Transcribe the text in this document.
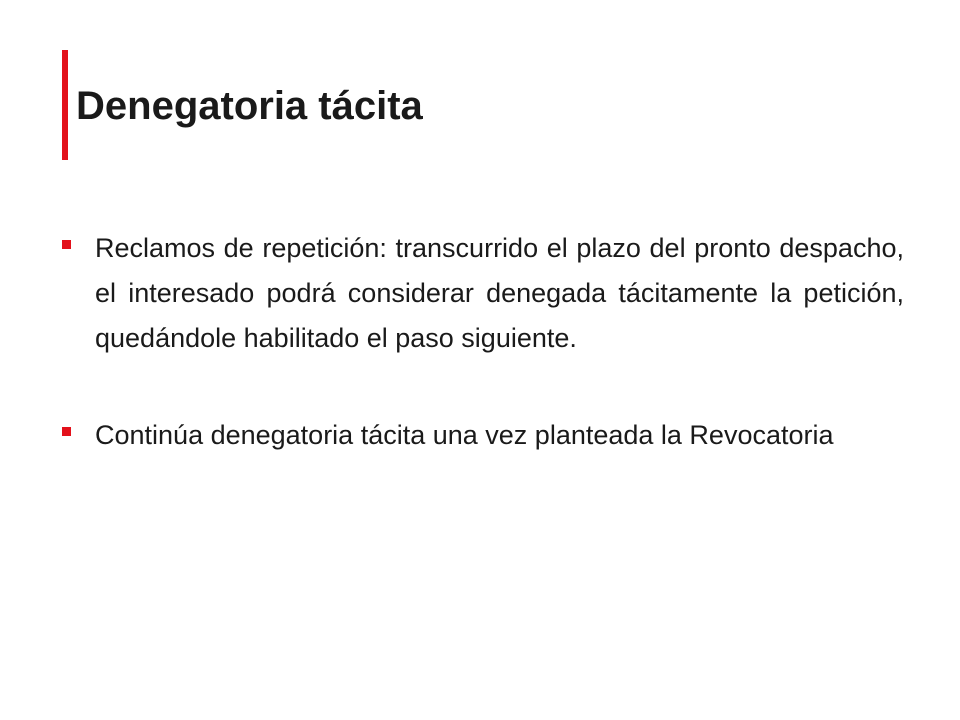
Denegatoria tácita
Reclamos de repetición: transcurrido el plazo del pronto despacho, el interesado podrá considerar denegada tácitamente la petición, quedándole habilitado el paso siguiente.
Continúa denegatoria tácita una vez planteada la Revocatoria
